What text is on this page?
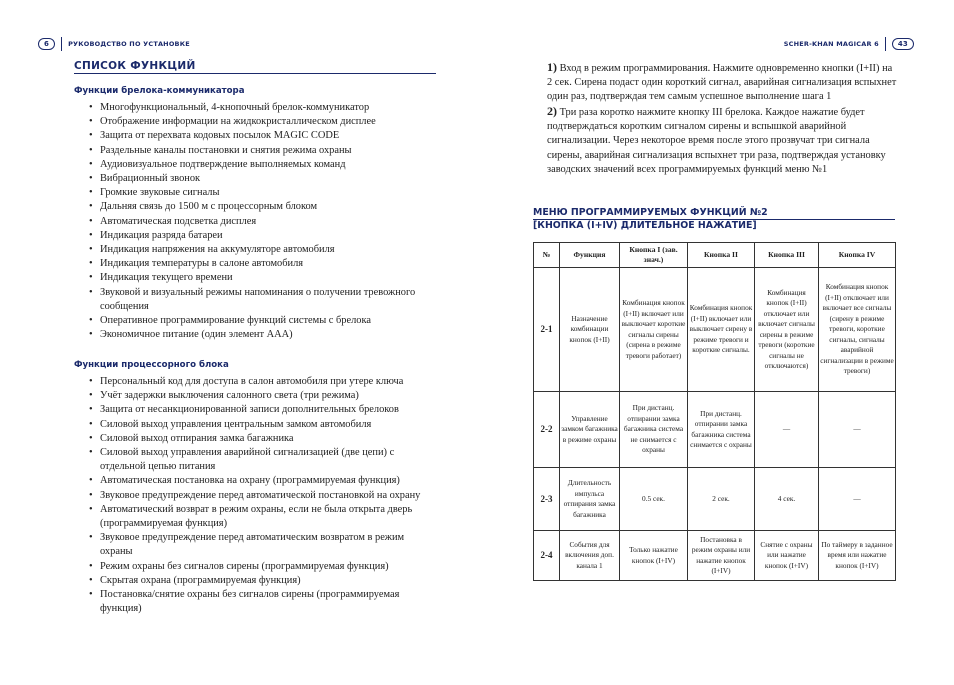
6	РУКОВОДСТВО ПО УСТАНОВКЕ	SCHER-KHAN MAGICAR 6	43
СПИСОК ФУНКЦИЙ
Функции брелока-коммуникатора
• Многофункциональный, 4-кнопочный брелок-коммуникатор
• Отображение информации на жидкокристаллическом дисплее
• Защита от перехвата кодовых посылок MAGIC CODE
• Раздельные каналы постановки и снятия режима охраны
• Аудиовизуальное подтверждение выполняемых команд
• Вибрационный звонок
• Громкие звуковые сигналы
• Дальняя связь до 1500 м с процессорным блоком
• Автоматическая подсветка дисплея
• Индикация разряда батареи
• Индикация напряжения на аккумуляторе автомобиля
• Индикация температуры в салоне автомобиля
• Индикация текущего времени
• Звуковой и визуальный режимы напоминания о получении тревожного сообщения
• Оперативное программирование функций системы с брелока
• Экономичное питание (один элемент ААА)
Функции процессорного блока
• Персональный код для доступа в салон автомобиля при утере ключа
• Учёт задержки выключения салонного света (три режима)
• Защита от несанкционированной записи дополнительных брелоков
• Силовой выход управления центральным замком автомобиля
• Силовой выход отпирания замка багажника
• Силовой выход управления аварийной сигнализацией (две цепи) с отдельной цепью питания
• Автоматическая постановка на охрану (программируемая функция)
• Звуковое предупреждение перед автоматической постановкой на охрану
• Автоматический возврат в режим охраны, если не была открыта дверь (программируемая функция)
• Звуковое предупреждение перед автоматическим возвратом в режим охраны
• Режим охраны без сигналов сирены (программируемая функция)
• Скрытая охрана (программируемая функция)
• Постановка/снятие охраны без сигналов сирены (программируемая функция)

1) Вход в режим программирования. Нажмите одновременно кнопки (I+II) на 2 сек. Сирена подаст один короткий сигнал, аварийная сигнализация вспыхнет один раз, подтверждая тем самым успешное выполнение шага 1
2) Три раза коротко нажмите кнопку III брелока. Каждое нажатие будет подтверждаться коротким сигналом сирены и вспышкой аварийной сигнализации. Через некоторое время после этого прозвучат три сигнала сирены, аварийная сигнализация вспыхнет три раза, подтверждая установку заводских значений всех программируемых функций меню №1

МЕНЮ ПРОГРАММИРУЕМЫХ ФУНКЦИЙ №2
[КНОПКА (I+IV) ДЛИТЕЛЬНОЕ НАЖАТИЕ]
№	Функция	Кнопка I (зав. знач.)	Кнопка II	Кнопка III	Кнопка IV
2-1	Назначение комбинации кнопок (I+II)	Комбинация кнопок (I+II) включает или выключает короткие сигналы сирены (сирена в режиме тревоги работает)	Комбинация кнопок (I+II) включает или выключает сирену в режиме тревоги и короткие сигналы.	Комбинация кнопок (I+II) отключает или включает сигналы сирены в режиме тревоги (короткие сигналы не отключаются)	Комбинация кнопок (I+II) отключает или включает все сигналы (сирену в режиме тревоги, короткие сигналы, сигналы аварийной сигнализации в режиме тревоги)
2-2	Управление замком багажника в режиме охраны	При дистанц. отпирании замка багажника система не снимается с охраны	При дистанц. отпирании замка багажника система снимается с охраны	—	—
2-3	Длительность импульса отпирания замка багажника	0.5 сек.	2 сек.	4 сек.	—
2-4	События для включения доп. канала 1	Только нажатие кнопок (I+IV)	Постановка в режим охраны или нажатие кнопок (I+IV)	Снятие с охраны или нажатие кнопок (I+IV)	По таймеру в заданное время или нажатие кнопок (I+IV)
